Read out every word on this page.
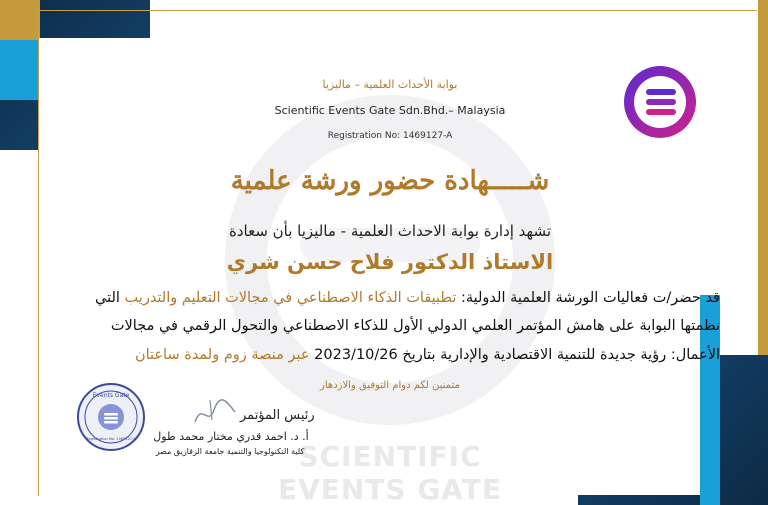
SCIENTIFIC EVENTS GATE
بوابة الأحداث العلمية – ماليزيا
Scientific Events Gate Sdn.Bhd.– Malaysia
Registration No: 1469127-A
شـــــهادة حضور ورشة علمية
تشهد إدارة بوابة الاحداث العلمية - ماليزيا بأن سعادة
الاستاذ الدكتور فلاح حسن شري
قد حضر/ت فعاليات الورشة العلمية الدولية: تطبيقات الذكاء الاصطناعي في مجالات التعليم والتدريب التي
نظمتها البوابة على هامش المؤتمر العلمي الدولي الأول للذكاء الاصطناعي والتحول الرقمي في مجالات
الأعمال: رؤية جديدة للتنمية الاقتصادية والإدارية بتاريخ 2023/10/26 عبر منصة زوم ولمدة ساعتان
متمنين لكم دوام التوفيق والازدهار
رئيس المؤتمر
أ. د. احمد قدري مختار محمد طول
كلية التكنولوجيا والتنمية جامعة الزقازيق مصر
Events Gate
Registration No: 1469127-A
